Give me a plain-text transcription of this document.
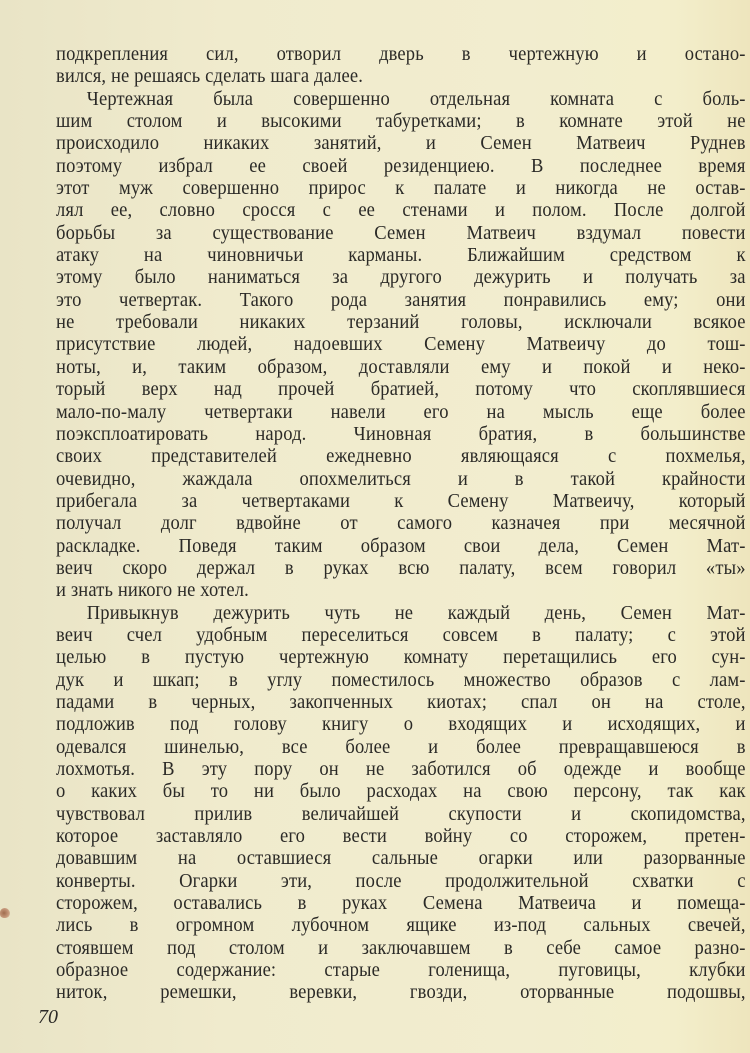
подкрепления сил, отворил дверь в чертежную и остано-
вился, не решаясь сделать шага далее.
Чертежная была совершенно отдельная комната с боль-
шим столом и высокими табуретками; в комнате этой не
происходило никаких занятий, и Семен Матвеич Руднев
поэтому избрал ее своей резиденциею. В последнее время
этот муж совершенно прирос к палате и никогда не остав-
лял ее, словно сросся с ее стенами и полом. После долгой
борьбы за существование Семен Матвеич вздумал повести
атаку на чиновничьи карманы. Ближайшим средством к
этому было наниматься за другого дежурить и получать за
это четвертак. Такого рода занятия понравились ему; они
не требовали никаких терзаний головы, исключали всякое
присутствие людей, надоевших Семену Матвеичу до тош-
ноты, и, таким образом, доставляли ему и покой и неко-
торый верх над прочей братией, потому что скоплявшиеся
мало-по-малу четвертаки навели его на мысль еще более
поэксплоатировать народ. Чиновная братия, в большинстве
своих представителей ежедневно являющаяся с похмелья,
очевидно, жаждала опохмелиться и в такой крайности
прибегала за четвертаками к Семену Матвеичу, который
получал долг вдвойне от самого казначея при месячной
раскладке. Поведя таким образом свои дела, Семен Мат-
веич скоро держал в руках всю палату, всем говорил «ты»
и знать никого не хотел.
Привыкнув дежурить чуть не каждый день, Семен Мат-
веич счел удобным переселиться совсем в палату; с этой
целью в пустую чертежную комнату перетащились его сун-
дук и шкап; в углу поместилось множество образов с лам-
падами в черных, закопченных киотах; спал он на столе,
подложив под голову книгу о входящих и исходящих, и
одевался шинелью, все более и более превращавшеюся в
лохмотья. В эту пору он не заботился об одежде и вообще
о каких бы то ни было расходах на свою персону, так как
чувствовал прилив величайшей скупости и скопидомства,
которое заставляло его вести войну со сторожем, претен-
довавшим на оставшиеся сальные огарки или разорванные
конверты. Огарки эти, после продолжительной схватки с
сторожем, оставались в руках Семена Матвеича и помеща-
лись в огромном лубочном ящике из-под сальных свечей,
стоявшем под столом и заключавшем в себе самое разно-
образное содержание: старые голенища, пуговицы, клубки
ниток, ремешки, веревки, гвозди, оторванные подошвы,
70
